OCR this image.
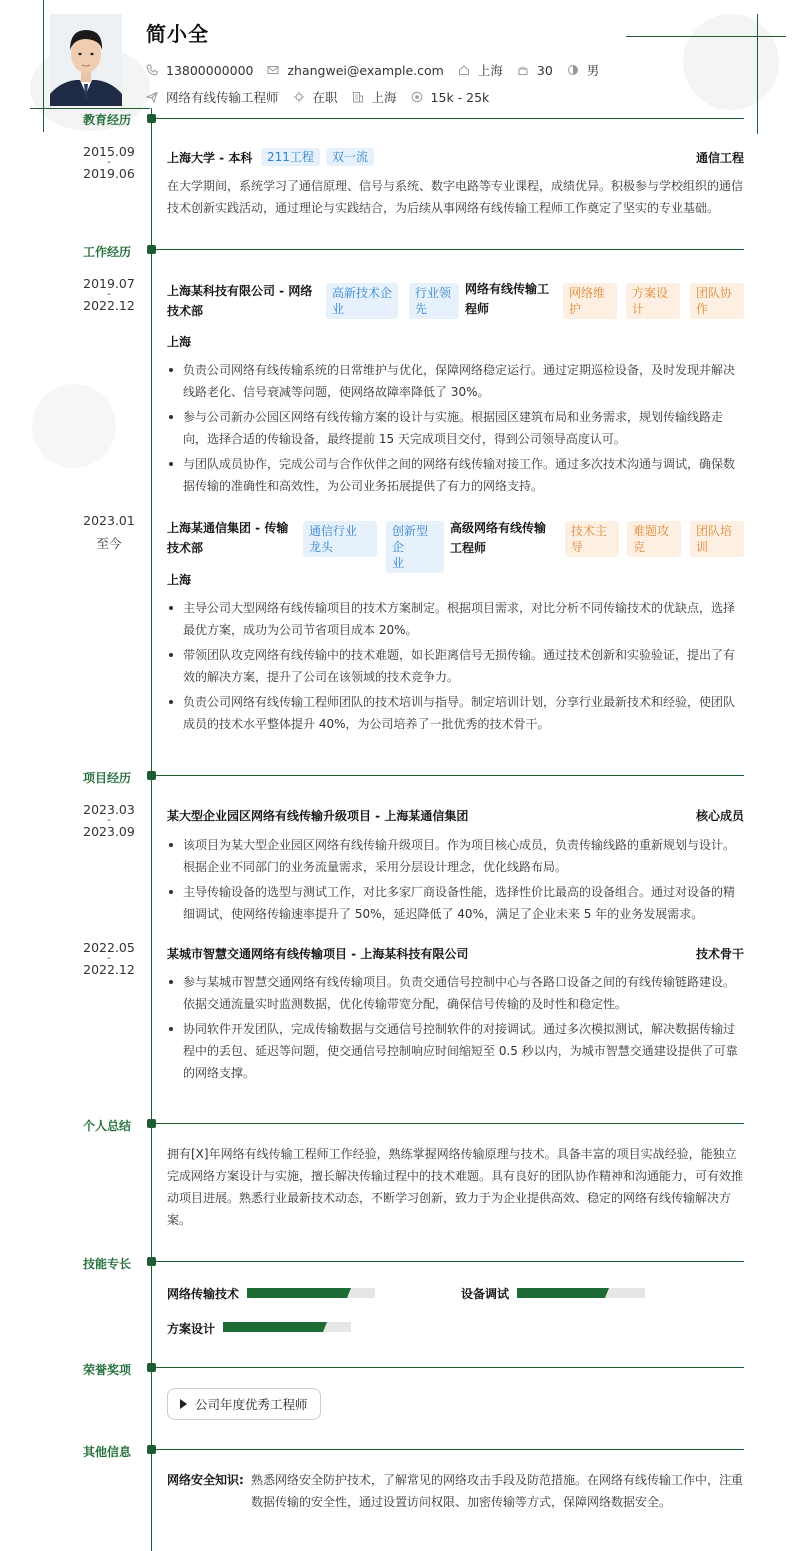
简小全
13800000000	zhangwei@example.com	上海	30	男
网络有线传输工程师	在职	上海	15k - 25k
教育经历
2015.09
-
2019.06
上海大学 - 本科	211工程	双一流	通信工程
在大学期间，系统学习了通信原理、信号与系统、数字电路等专业课程，成绩优异。积极参与学校组织的通信技术创新实践活动，通过理论与实践结合，为后续从事网络有线传输工程师工作奠定了坚实的专业基础。
工作经历
2019.07
-
2022.12
上海某科技有限公司 - 网络
技术部
高新技术企
业
行业领
先
网络有线传输工
程师
网络维
护
方案设
计
团队协
作
上海
负责公司网络有线传输系统的日常维护与优化，保障网络稳定运行。通过定期巡检设备，及时发现并解决线路老化、信号衰减等问题，使网络故障率降低了 30%。
参与公司新办公园区网络有线传输方案的设计与实施。根据园区建筑布局和业务需求，规划传输线路走向，选择合适的传输设备，最终提前 15 天完成项目交付，得到公司领导高度认可。
与团队成员协作，完成公司与合作伙伴之间的网络有线传输对接工作。通过多次技术沟通与调试，确保数据传输的准确性和高效性，为公司业务拓展提供了有力的网络支持。
2023.01
至今
上海某通信集团 - 传输
技术部
通信行业
龙头
创新型企
业
高级网络有线传输
工程师
技术主
导
难题攻
克
团队培
训
上海
主导公司大型网络有线传输项目的技术方案制定。根据项目需求，对比分析不同传输技术的优缺点，选择最优方案，成功为公司节省项目成本 20%。
带领团队攻克网络有线传输中的技术难题，如长距离信号无损传输。通过技术创新和实验验证，提出了有效的解决方案，提升了公司在该领域的技术竞争力。
负责公司网络有线传输工程师团队的技术培训与指导。制定培训计划，分享行业最新技术和经验，使团队成员的技术水平整体提升 40%，为公司培养了一批优秀的技术骨干。
项目经历
2023.03
-
2023.09
某大型企业园区网络有线传输升级项目 - 上海某通信集团	核心成员
该项目为某大型企业园区网络有线传输升级项目。作为项目核心成员，负责传输线路的重新规划与设计。根据企业不同部门的业务流量需求，采用分层设计理念，优化线路布局。
主导传输设备的选型与测试工作，对比多家厂商设备性能，选择性价比最高的设备组合。通过对设备的精细调试，使网络传输速率提升了 50%，延迟降低了 40%，满足了企业未来 5 年的业务发展需求。
2022.05
-
2022.12
某城市智慧交通网络有线传输项目 - 上海某科技有限公司	技术骨干
参与某城市智慧交通网络有线传输项目。负责交通信号控制中心与各路口设备之间的有线传输链路建设。依据交通流量实时监测数据，优化传输带宽分配，确保信号传输的及时性和稳定性。
协同软件开发团队，完成传输数据与交通信号控制软件的对接调试。通过多次模拟测试，解决数据传输过程中的丢包、延迟等问题，使交通信号控制响应时间缩短至 0.5 秒以内，为城市智慧交通建设提供了可靠的网络支撑。
个人总结
拥有[X]年网络有线传输工程师工作经验，熟练掌握网络传输原理与技术。具备丰富的项目实战经验，能独立完成网络方案设计与实施，擅长解决传输过程中的技术难题。具有良好的团队协作精神和沟通能力，可有效推动项目进展。熟悉行业最新技术动态，不断学习创新，致力于为企业提供高效、稳定的网络有线传输解决方案。
技能专长
网络传输技术	设备调试
方案设计
荣誉奖项
公司年度优秀工程师
其他信息
网络安全知识: 熟悉网络安全防护技术，了解常见的网络攻击手段及防范措施。在网络有线传输工作中，注重数据传输的安全性，通过设置访问权限、加密传输等方式，保障网络数据安全。
